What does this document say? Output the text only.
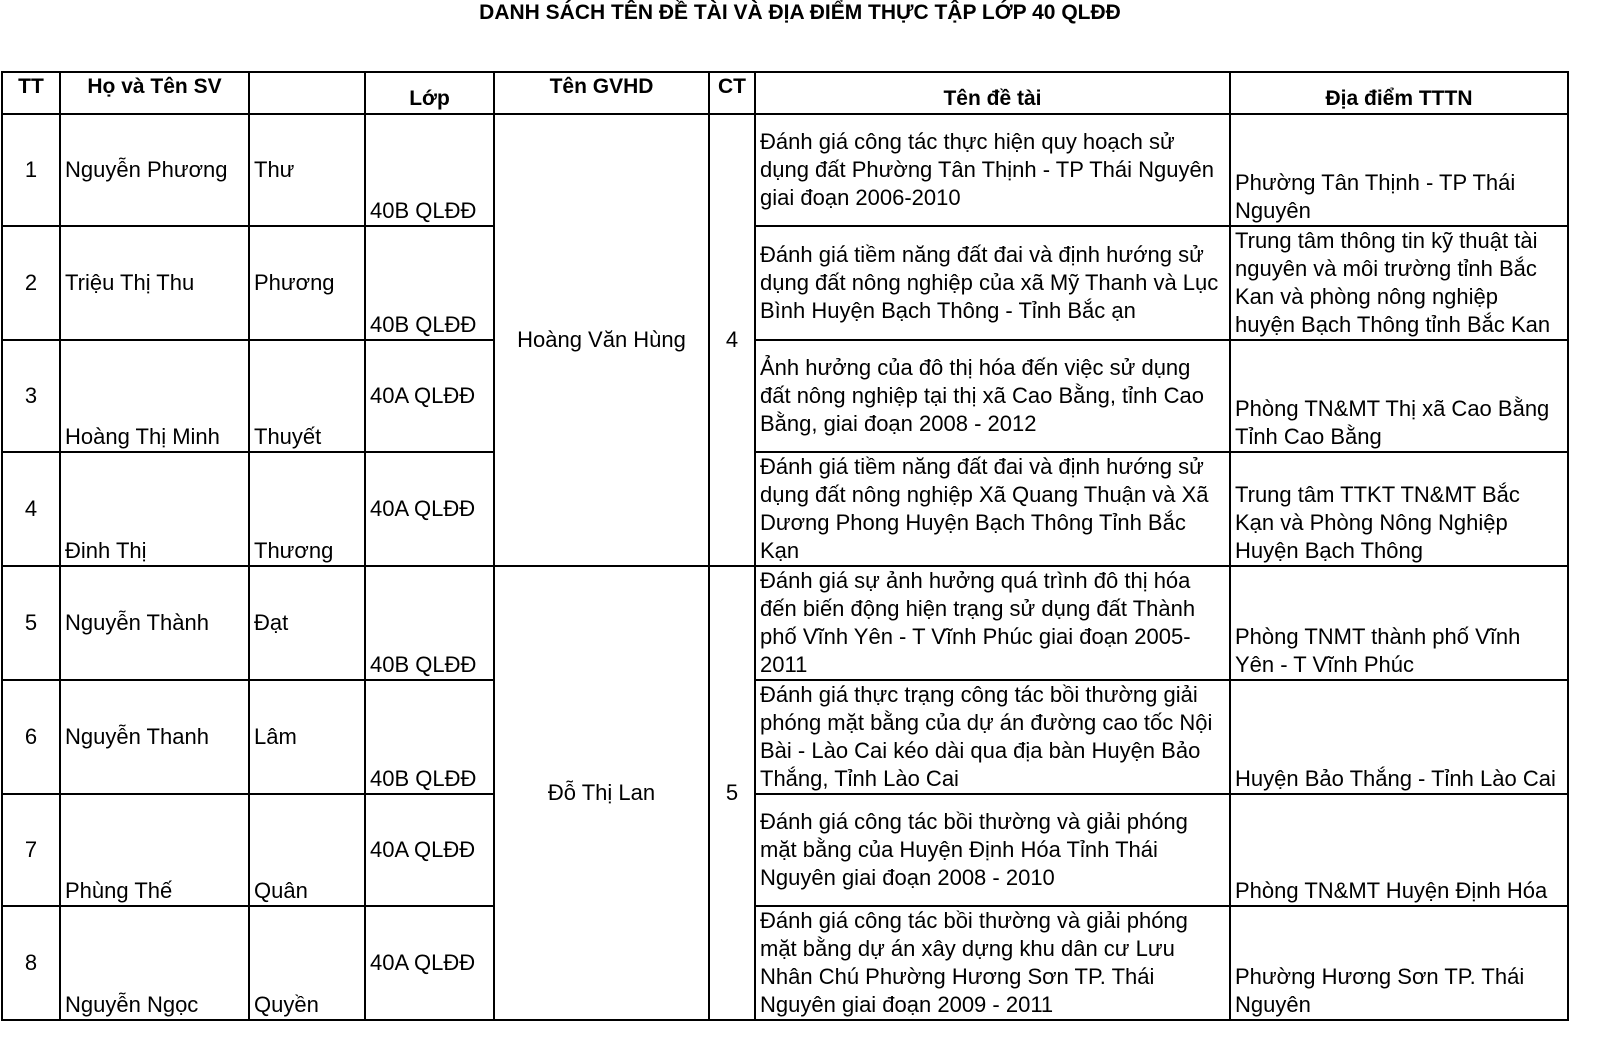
DANH SÁCH TÊN ĐỀ TÀI VÀ ĐỊA ĐIỂM THỰC TẬP LỚP 40 QLĐĐ
TT	Họ và Tên SV		Lớp	Tên GVHD	CT	Tên đề tài	Địa điểm TTTN
1	Nguyễn Phương	Thư	40B QLĐĐ	Hoàng Văn Hùng	4	Đánh giá công tác thực hiện quy hoạch sử dụng đất Phường Tân Thịnh - TP Thái Nguyên giai đoạn 2006-2010	Phường Tân Thịnh - TP Thái Nguyên
2	Triệu Thị Thu	Phương	40B QLĐĐ			Đánh giá tiềm năng đất đai và định hướng sử dụng đất nông nghiệp của xã Mỹ Thanh và Lục Bình Huyện Bạch Thông - Tỉnh Bắc ạn	Trung tâm thông tin kỹ thuật tài nguyên và môi trường tỉnh Bắc Kan và phòng nông nghiệp huyện Bạch Thông tỉnh Bắc Kan
3	Hoàng Thị Minh	Thuyết	40A QLĐĐ			Ảnh hưởng của đô thị hóa đến việc sử dụng đất nông nghiệp tại thị xã Cao Bằng, tỉnh Cao Bằng, giai đoạn 2008 - 2012	Phòng TN&MT Thị xã Cao Bằng Tỉnh Cao Bằng
4	Đinh Thị	Thương	40A QLĐĐ			Đánh giá tiềm năng đất đai và định hướng sử dụng đất nông nghiệp Xã Quang Thuận và Xã Dương Phong Huyện Bạch Thông Tỉnh Bắc Kạn	Trung tâm TTKT TN&MT Bắc Kạn và Phòng Nông Nghiệp Huyện Bạch Thông
5	Nguyễn Thành	Đạt	40B QLĐĐ	Đỗ Thị Lan	5	Đánh giá sự ảnh hưởng quá trình đô thị hóa đến biến động hiện trạng sử dụng đất Thành phố Vĩnh Yên - T Vĩnh Phúc giai đoạn 2005-2011	Phòng TNMT thành phố Vĩnh Yên - T Vĩnh Phúc
6	Nguyễn Thanh	Lâm	40B QLĐĐ			Đánh giá thực trạng công tác bồi thường giải phóng mặt bằng của dự án đường cao tốc Nội Bài - Lào Cai kéo dài qua địa bàn Huyện Bảo Thắng, Tỉnh Lào Cai	Huyện Bảo Thắng - Tỉnh Lào Cai
7	Phùng Thế	Quân	40A QLĐĐ			Đánh giá công tác bồi thường và giải phóng mặt bằng của Huyện Định Hóa Tỉnh Thái Nguyên giai đoạn 2008 - 2010	Phòng TN&MT Huyện Định Hóa
8	Nguyễn Ngọc	Quyền	40A QLĐĐ			Đánh giá công tác bồi thường và giải phóng mặt bằng dự án xây dựng khu dân cư Lưu Nhân Chú Phường Hương Sơn TP. Thái Nguyên giai đoạn 2009 - 2011	Phường Hương Sơn TP. Thái Nguyên
